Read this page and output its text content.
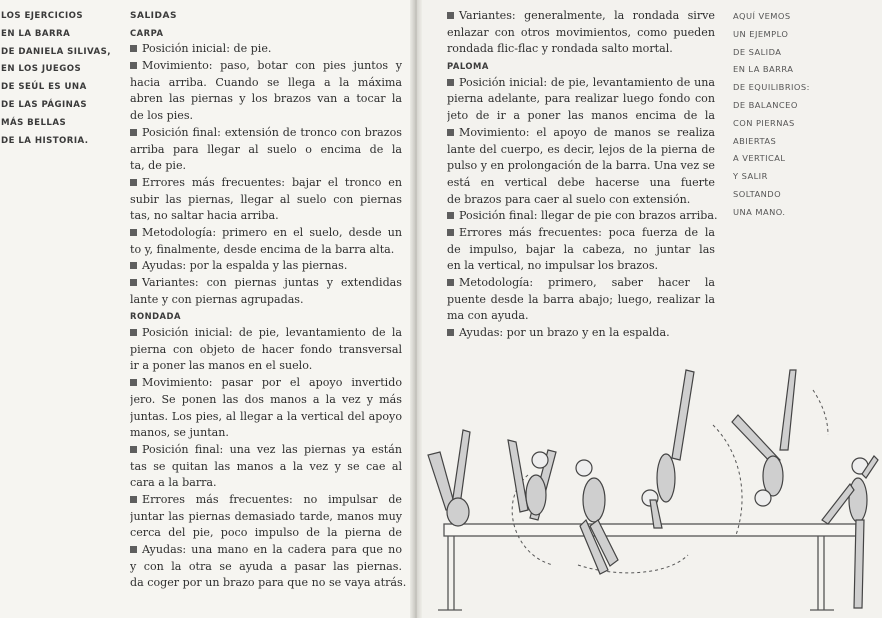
LOS EJERCICIOS
EN LA BARRA
DE DANIELA SILIVAS,
EN LOS JUEGOS
DE SEÚL ES UNA
DE LAS PÁGINAS
MÁS BELLAS
DE LA HISTORIA.
SALIDAS
CARPA
Posición inicial: de pie.
Movimiento: paso, botar con pies juntos y
hacia arriba. Cuando se llega a la máxima
abren las piernas y los brazos van a tocar la
de los pies.
Posición final: extensión de tronco con brazos
arriba para llegar al suelo o encima de la
ta, de pie.
Errores más frecuentes: bajar el tronco en
subir las piernas, llegar al suelo con piernas
tas, no saltar hacia arriba.
Metodología: primero en el suelo, desde un
to y, finalmente, desde encima de la barra alta.
Ayudas: por la espalda y las piernas.
Variantes: con piernas juntas y extendidas
lante y con piernas agrupadas.
RONDADA
Posición inicial: de pie, levantamiento de la
pierna con objeto de hacer fondo transversal
ir a poner las manos en el suelo.
Movimiento: pasar por el apoyo invertido
jero. Se ponen las dos manos a la vez y más
juntas. Los pies, al llegar a la vertical del apoyo
manos, se juntan.
Posición final: una vez las piernas ya están
tas se quitan las manos a la vez y se cae al
cara a la barra.
Errores más frecuentes: no impulsar de
juntar las piernas demasiado tarde, manos muy
cerca del pie, poco impulso de la pierna de
Ayudas: una mano en la cadera para que no
y con la otra se ayuda a pasar las piernas.
da coger por un brazo para que no se vaya atrás.
Variantes: generalmente, la rondada sirve
enlazar con otros movimientos, como pueden
rondada flic-flac y rondada salto mortal.
PALOMA
Posición inicial: de pie, levantamiento de una
pierna adelante, para realizar luego fondo con
jeto de ir a poner las manos encima de la
Movimiento: el apoyo de manos se realiza
lante del cuerpo, es decir, lejos de la pierna de
pulso y en prolongación de la barra. Una vez se
está en vertical debe hacerse una fuerte
de brazos para caer al suelo con extensión.
Posición final: llegar de pie con brazos arriba.
Errores más frecuentes: poca fuerza de la
de impulso, bajar la cabeza, no juntar las
en la vertical, no impulsar los brazos.
Metodología: primero, saber hacer la
puente desde la barra abajo; luego, realizar la
ma con ayuda.
Ayudas: por un brazo y en la espalda.
AQUÍ VEMOS
UN EJEMPLO
DE SALIDA
EN LA BARRA
DE EQUILIBRIOS:
DE BALANCEO
CON PIERNAS
ABIERTAS
A VERTICAL
Y SALIR
SOLTANDO
UNA MANO.
